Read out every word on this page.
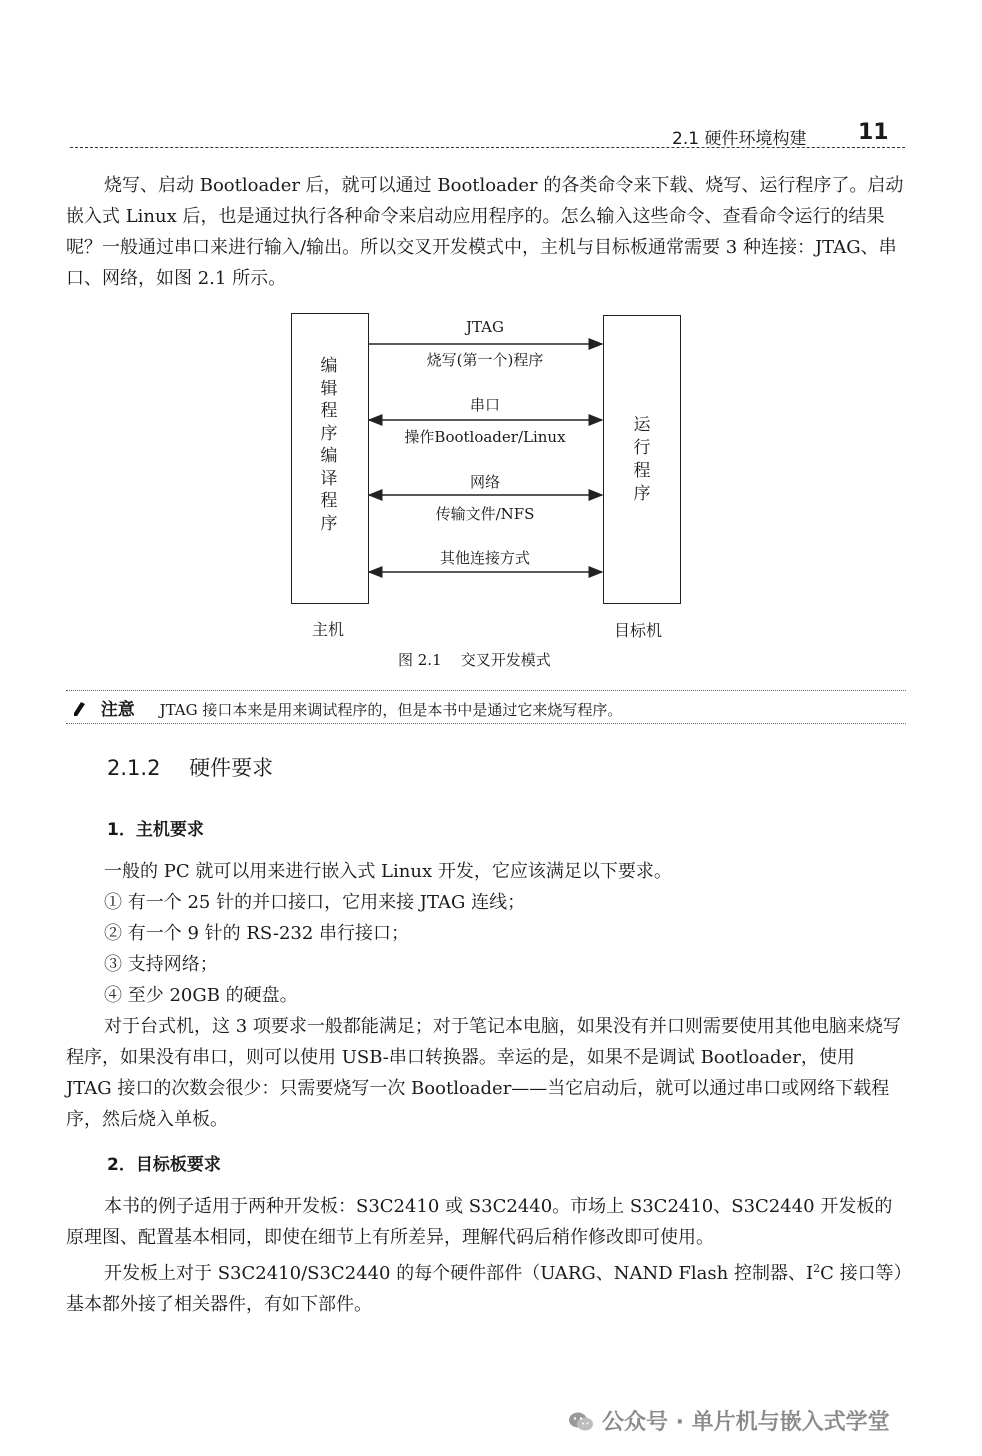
2.1 硬件环境构建 11

烧写、启动 Bootloader 后，就可以通过 Bootloader 的各类命令来下载、烧写、运行程序了。启动嵌入式 Linux 后，也是通过执行各种命令来启动应用程序的。怎么输入这些命令、查看命令运行的结果呢？一般通过串口来进行输入/输出。所以交叉开发模式中，主机与目标板通常需要 3 种连接：JTAG、串口、网络，如图 2.1 所示。

编辑程序编译程序
运行程序
JTAG
烧写(第一个)程序
串口
操作Bootloader/Linux
网络
传输文件/NFS
其他连接方式
主机	目标机
图 2.1    交叉开发模式
注意 JTAG 接口本来是用来调试程序的，但是本书中是通过它来烧写程序。
2.1.2 硬件要求
1．主机要求

一般的 PC 就可以用来进行嵌入式 Linux 开发，它应该满足以下要求。

① 有一个 25 针的并口接口，它用来接 JTAG 连线；

② 有一个 9 针的 RS-232 串行接口；

③ 支持网络；

④ 至少 20GB 的硬盘。

对于台式机，这 3 项要求一般都能满足；对于笔记本电脑，如果没有并口则需要使用其他电脑来烧写程序，如果没有串口，则可以使用 USB-串口转换器。幸运的是，如果不是调试 Bootloader，使用 JTAG 接口的次数会很少：只需要烧写一次 Bootloader——当它启动后，就可以通过串口或网络下载程序，然后烧入单板。

2．目标板要求

本书的例子适用于两种开发板：S3C2410 或 S3C2440。市场上 S3C2410、S3C2440 开发板的原理图、配置基本相同，即使在细节上有所差异，理解代码后稍作修改即可使用。

开发板上对于 S3C2410/S3C2440 的每个硬件部件（UARG、NAND Flash 控制器、$I^2C$ 接口等）基本都外接了相关器件，有如下部件。

公众号 · 单片机与嵌入式学堂
